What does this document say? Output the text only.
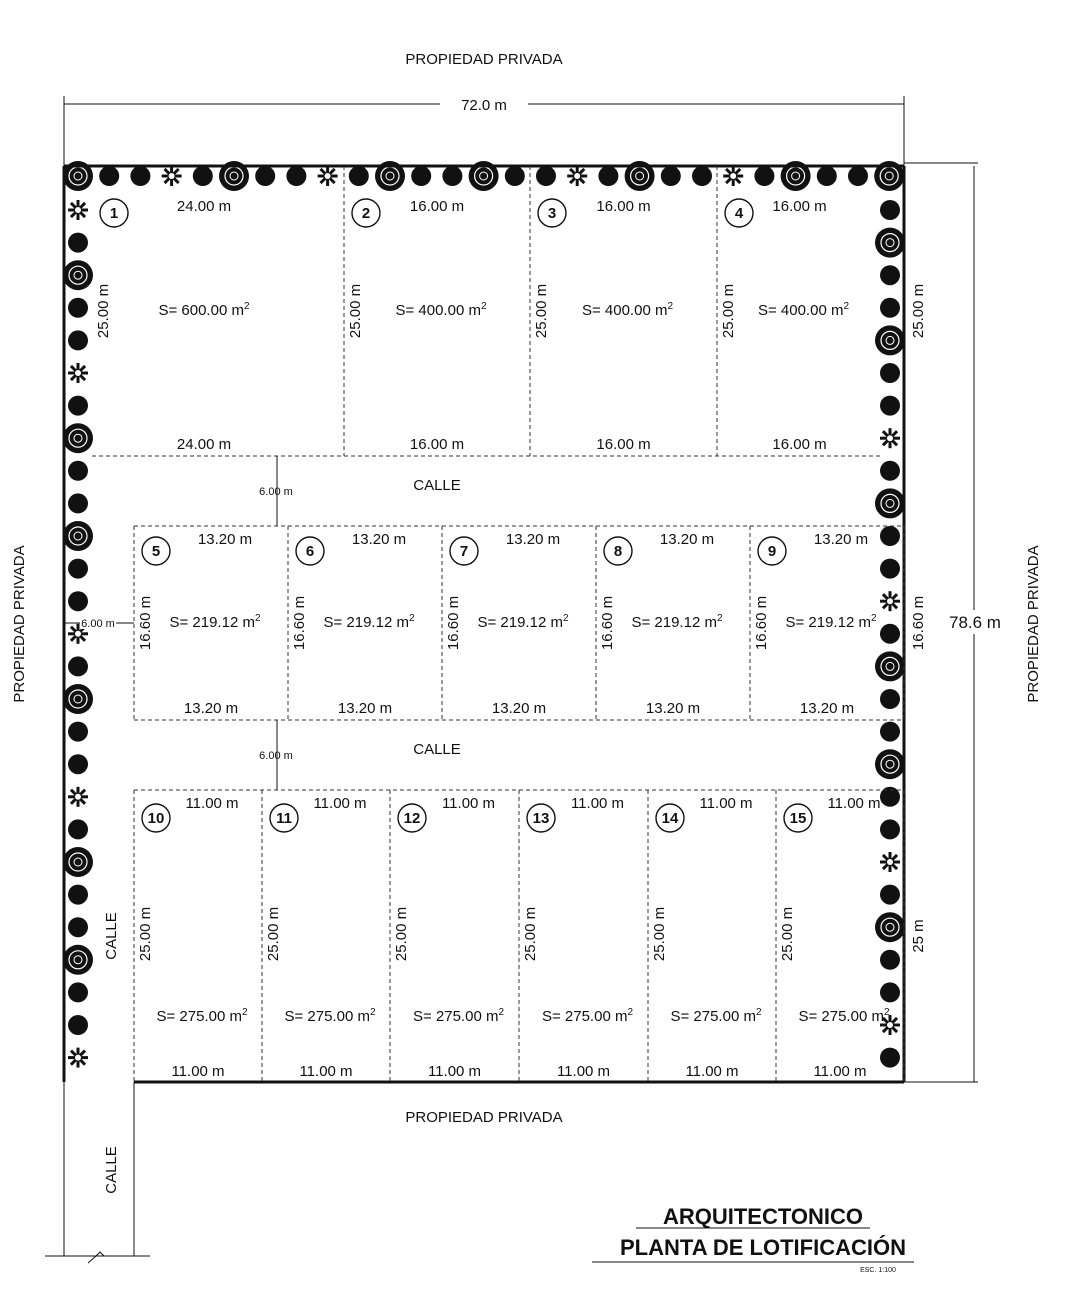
72.0 m
78.6 m
PROPIEDAD PRIVADA
PROPIEDAD PRIVADA
PROPIEDAD PRIVADA	PROPIEDAD PRIVADA
CALLE
6.00 m
CALLE
6.00 m
6.00 m
CALLE
CALLE
25.00 m
16.60 m
25 m
1	24.00 m
24.00 m
25.00 m	S= 600.00 $m^2$
2	16.00 m
16.00 m
25.00 m S= 400.00 $m^2$
3	16.00 m
16.00 m
25.00 m S= 400.00 $m^2$
4 16.00 m
16.00 m
25.00 m S= 400.00 $m^2$
5
13.20 m
13.20 m
16.60 m S= 219.12 $m^2$
6
13.20 m
13.20 m
16.60 m S= 219.12 $m^2$
7
13.20 m
13.20 m
16.60 m S= 219.12 $m^2$
8
13.20 m
13.20 m
16.60 m S= 219.12 $m^2$
9
13.20 m
13.20 m
16.60 m S= 219.12 $m^2$
10
11.00 m
11.00 m
25.00 m
S= 275.00 $m^2$
11
11.00 m
11.00 m
25.00 m
S= 275.00 $m^2$
12
11.00 m
11.00 m
25.00 m
S= 275.00 $m^2$
13
11.00 m
11.00 m
25.00 m
S= 275.00 $m^2$
14
11.00 m
11.00 m
25.00 m
S= 275.00 $m^2$
15
11.00 m
11.00 m
25.00 m
S= 275.00 $m^2$
ARQUITECTONICO
PLANTA DE LOTIFICACIÓN
ESC. 1:100
